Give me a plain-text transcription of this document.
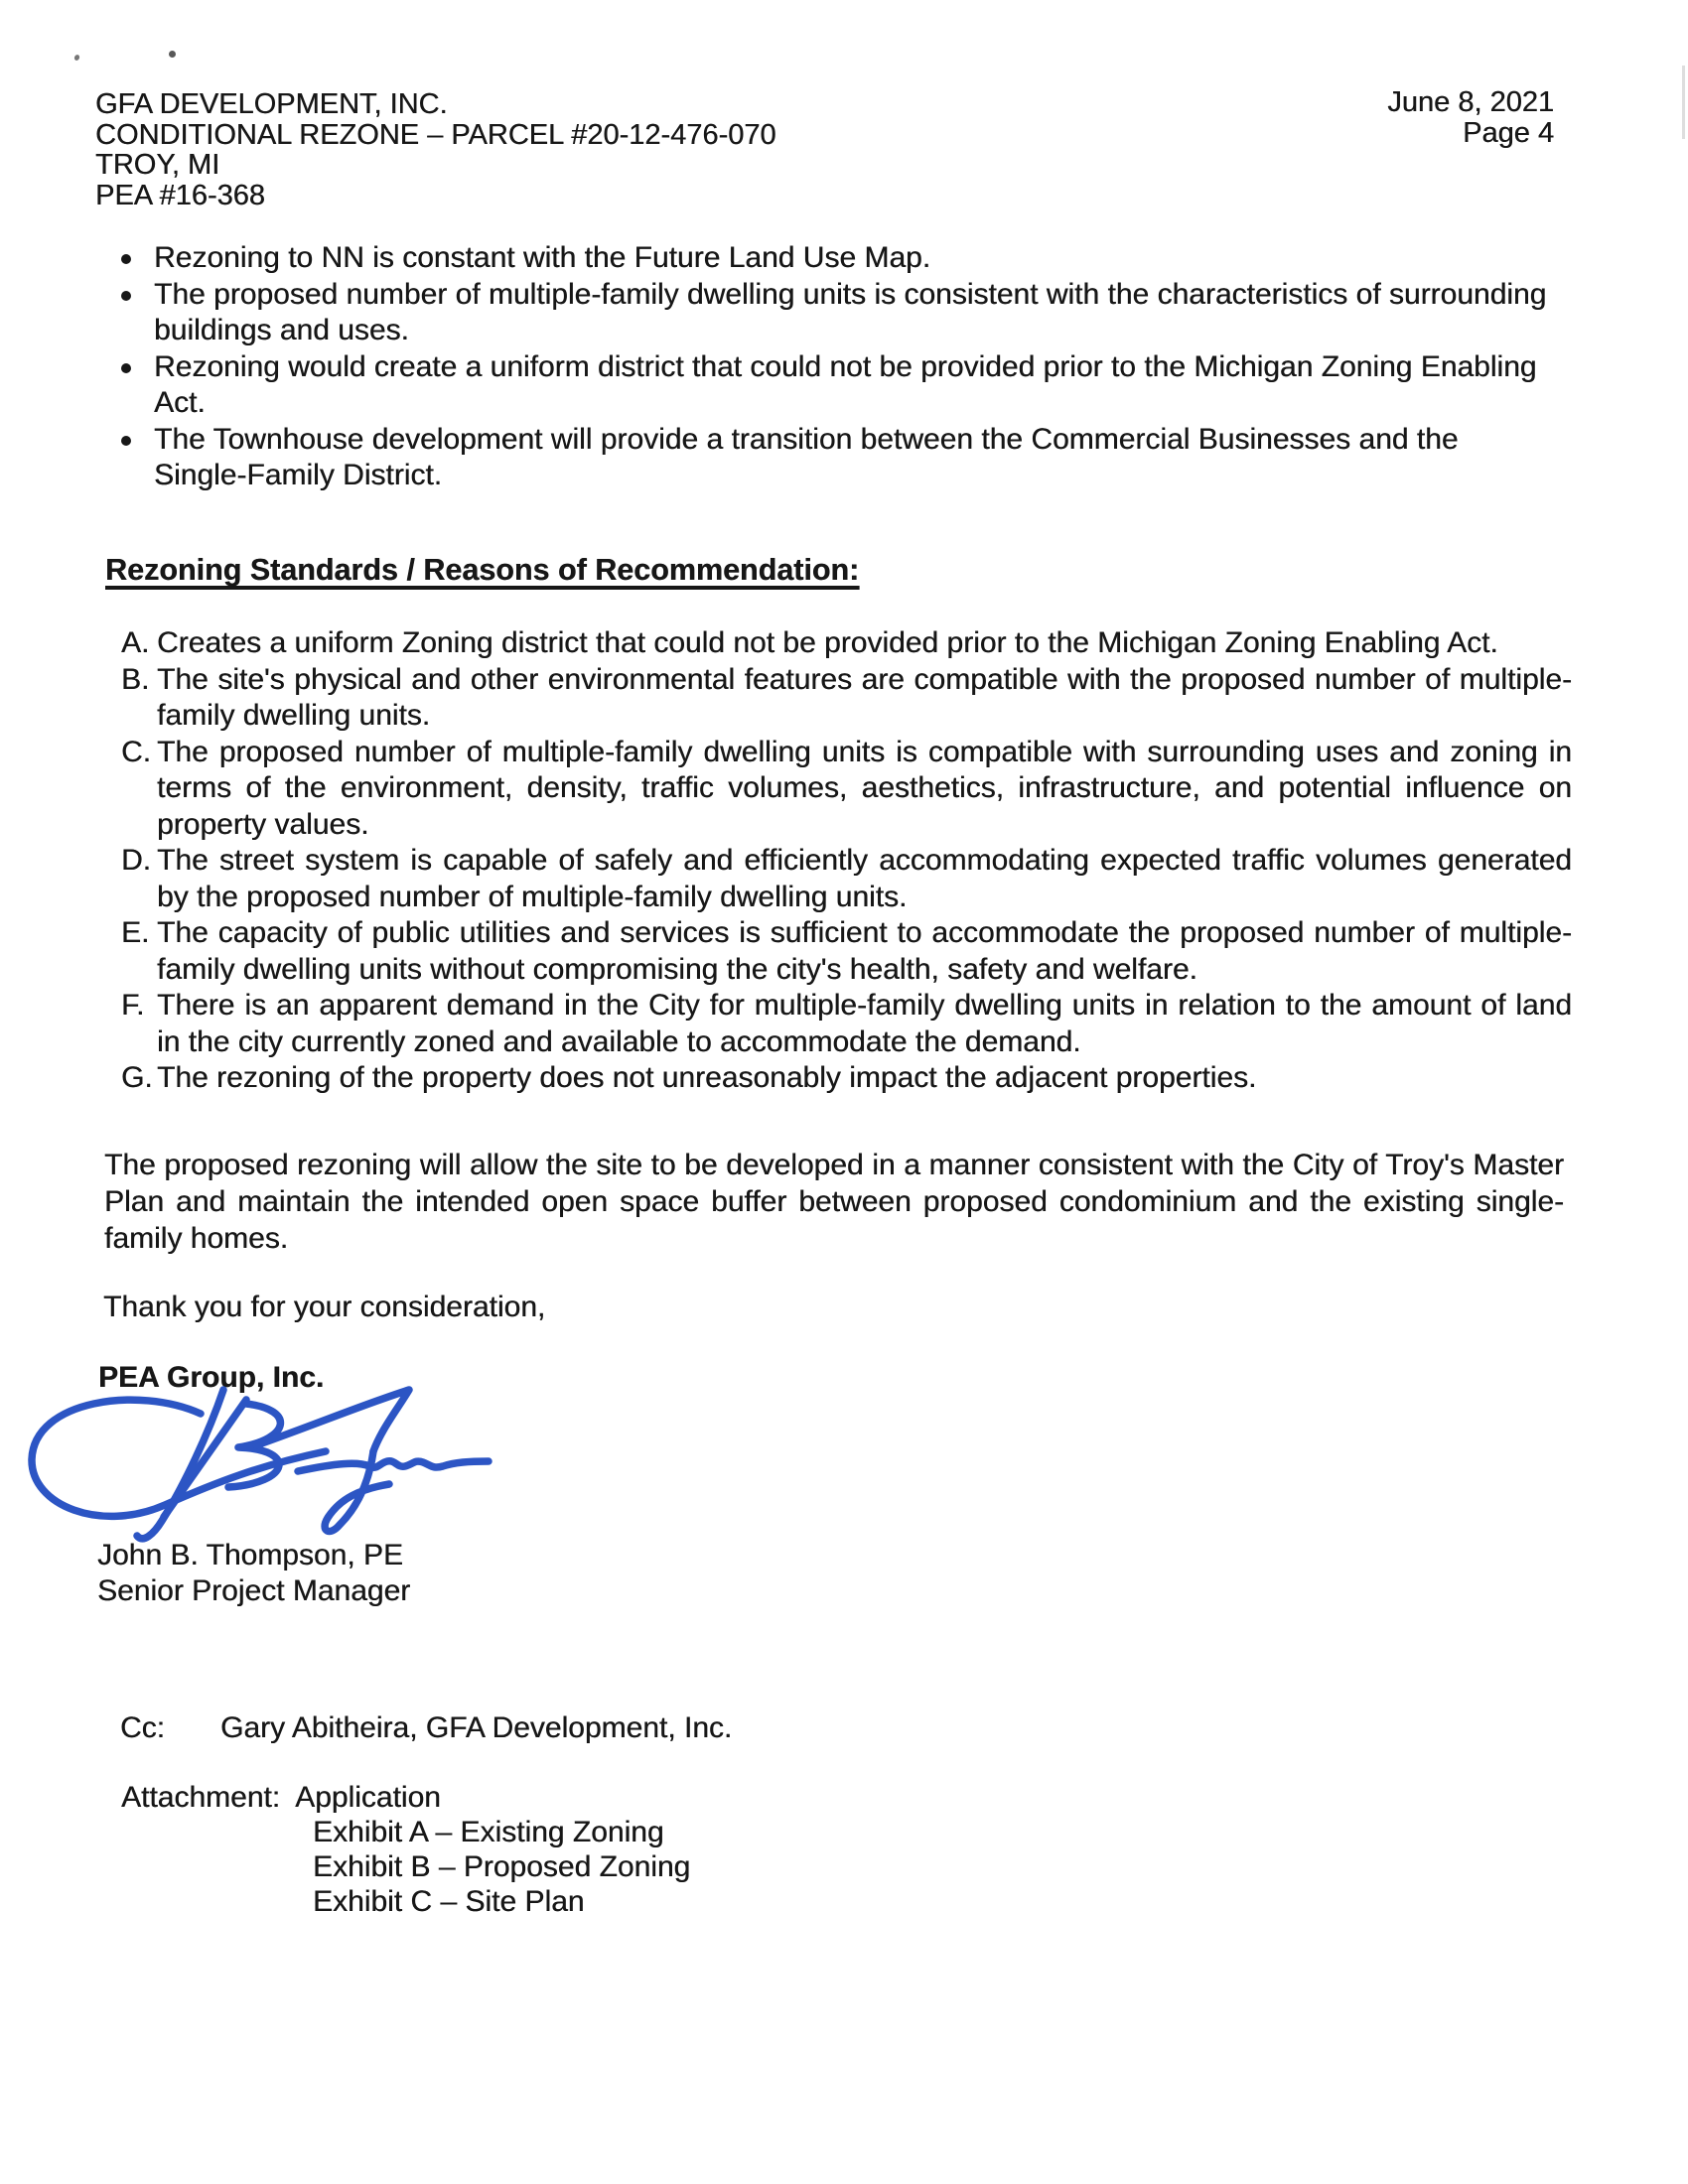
GFA DEVELOPMENT, INC.
CONDITIONAL REZONE – PARCEL #20-12-476-070
TROY, MI
PEA #16-368
June 8, 2021
Page 4
Rezoning to NN is constant with the Future Land Use Map.
The proposed number of multiple-family dwelling units is consistent with the characteristics of surrounding buildings and uses.
Rezoning would create a uniform district that could not be provided prior to the Michigan Zoning Enabling Act.
The Townhouse development will provide a transition between the Commercial Businesses and the Single-Family District.
Rezoning Standards / Reasons of Recommendation:
A. Creates a uniform Zoning district that could not be provided prior to the Michigan Zoning Enabling Act.
B. The site's physical and other environmental features are compatible with the proposed number of multiple-family dwelling units.
C. The proposed number of multiple-family dwelling units is compatible with surrounding uses and zoning in terms of the environment, density, traffic volumes, aesthetics, infrastructure, and potential influence on property values.
D. The street system is capable of safely and efficiently accommodating expected traffic volumes generated by the proposed number of multiple-family dwelling units.
E. The capacity of public utilities and services is sufficient to accommodate the proposed number of multiple-family dwelling units without compromising the city's health, safety and welfare.
F. There is an apparent demand in the City for multiple-family dwelling units in relation to the amount of land in the city currently zoned and available to accommodate the demand.
G. The rezoning of the property does not unreasonably impact the adjacent properties.

The proposed rezoning will allow the site to be developed in a manner consistent with the City of Troy's Master Plan and maintain the intended open space buffer between proposed condominium and the existing single-family homes.

Thank you for your consideration,

PEA Group, Inc.

John B. Thompson, PE
Senior Project Manager
Cc: Gary Abitheira, GFA Development, Inc.
Attachment: Application
Exhibit A – Existing Zoning
Exhibit B – Proposed Zoning
Exhibit C – Site Plan
